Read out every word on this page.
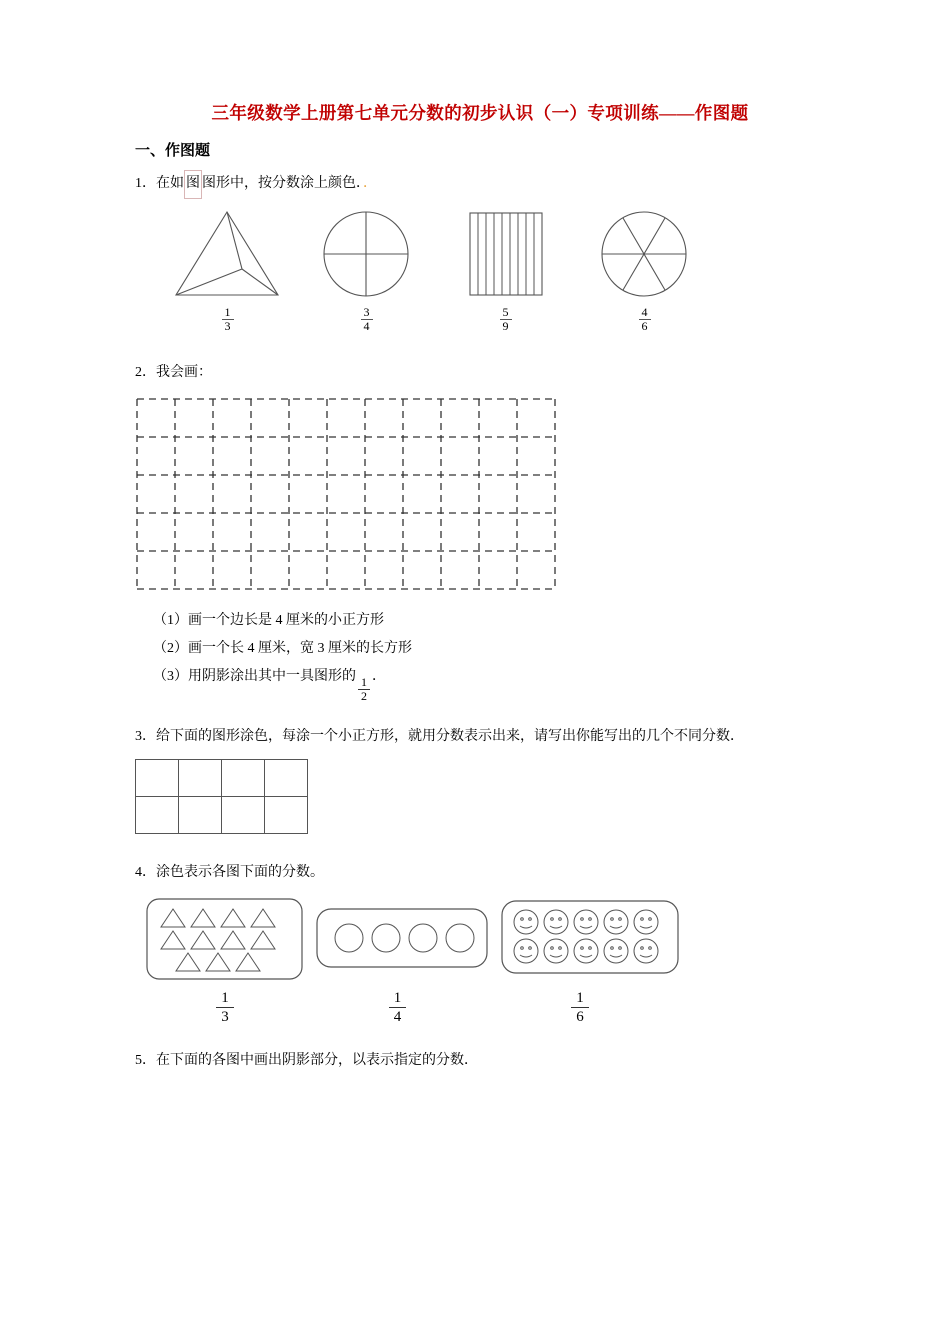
三年级数学上册第七单元分数的初步认识（一）专项训练——作图题
一、作图题
1．在如 图 图形中，按分数涂上颜色．．
$\frac{1}{3}$	$\frac{3}{4}$	$\frac{5}{9}$	$\frac{4}{6}$
2．我会画：
（1）画一个边长是 4 厘米的小正方形
（2）画一个长 4 厘米，宽 3 厘米的长方形
（3）用阴影涂出其中一具图形的 $\frac{1}{2}$ ．
3．给下面的图形涂色，每涂一个小正方形，就用分数表示出来，请写出你能写出的几个不同分数．

4．涂色表示各图下面的分数。
$\frac{1}{3}$	$\frac{1}{4}$	$\frac{1}{6}$
5．在下面的各图中画出阴影部分，以表示指定的分数．
